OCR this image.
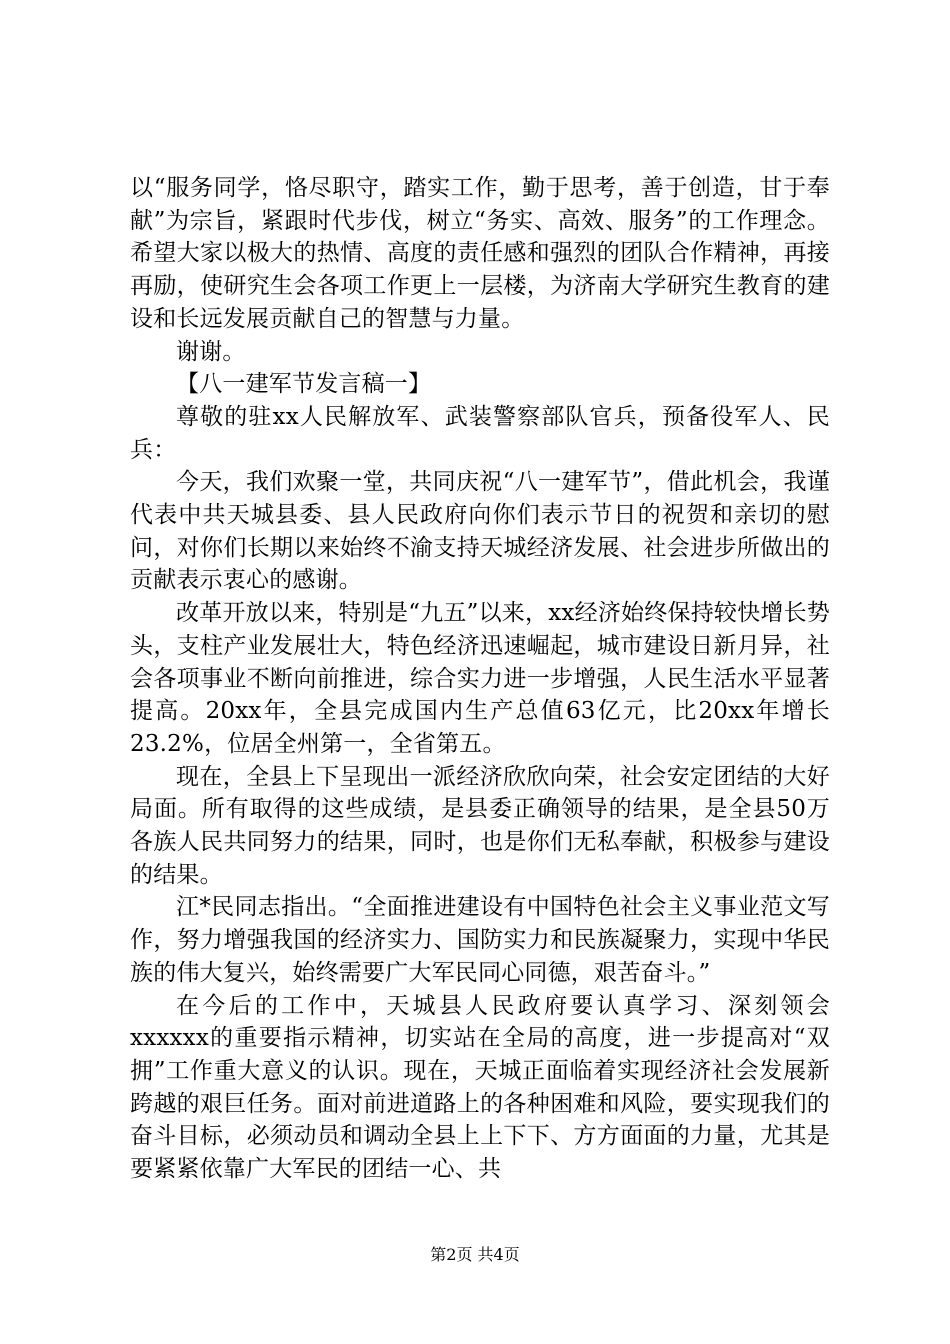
以“服务同学，恪尽职守，踏实工作，勤于思考，善于创造，甘于奉献”为宗旨，紧跟时代步伐，树立“务实、高效、服务”的工作理念。希望大家以极大的热情、高度的责任感和强烈的团队合作精神，再接再励，使研究生会各项工作更上一层楼，为济南大学研究生教育的建设和长远发展贡献自己的智慧与力量。

谢谢。

【八一建军节发言稿一】

尊敬的驻xx人民解放军、武装警察部队官兵，预备役军人、民兵：

今天，我们欢聚一堂，共同庆祝“八一建军节”，借此机会，我谨代表中共天城县委、县人民政府向你们表示节日的祝贺和亲切的慰问，对你们长期以来始终不渝支持天城经济发展、社会进步所做出的贡献表示衷心的感谢。

改革开放以来，特别是“九五”以来，xx经济始终保持较快增长势头，支柱产业发展壮大，特色经济迅速崛起，城市建设日新月异，社会各项事业不断向前推进，综合实力进一步增强，人民生活水平显著提高。20xx年，全县完成国内生产总值63亿元，比20xx年增长23.2%，位居全州第一，全省第五。

现在，全县上下呈现出一派经济欣欣向荣，社会安定团结的大好局面。所有取得的这些成绩，是县委正确领导的结果，是全县50万各族人民共同努力的结果，同时，也是你们无私奉献，积极参与建设的结果。

江*民同志指出。“全面推进建设有中国特色社会主义事业范文写作，努力增强我国的经济实力、国防实力和民族凝聚力，实现中华民族的伟大复兴，始终需要广大军民同心同德，艰苦奋斗。”

在今后的工作中，天城县人民政府要认真学习、深刻领会xxxxxx的重要指示精神，切实站在全局的高度，进一步提高对“双拥”工作重大意义的认识。现在，天城正面临着实现经济社会发展新跨越的艰巨任务。面对前进道路上的各种困难和风险，要实现我们的奋斗目标，必须动员和调动全县上上下下、方方面面的力量，尤其是要紧紧依靠广大军民的团结一心、共

第2页 共4页
